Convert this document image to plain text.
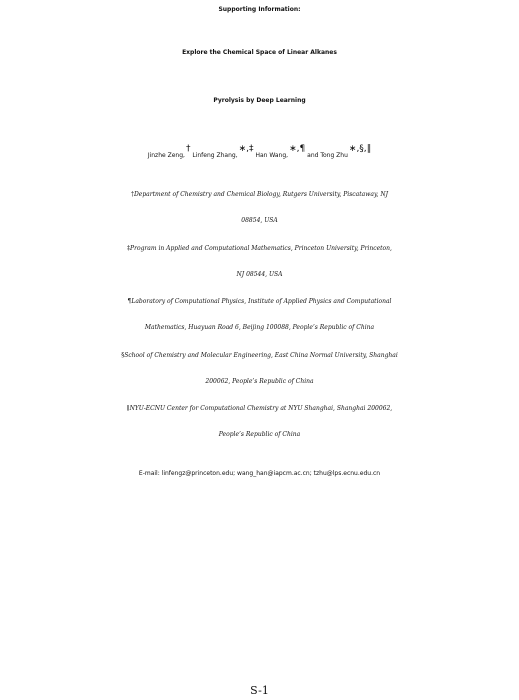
Supporting Information:
Explore the Chemical Space of Linear Alkanes
Pyrolysis by Deep Learning
Jinzhe Zeng,† Linfeng Zhang,∗,‡ Han Wang,∗,¶ and Tong Zhu∗,§,∥
†Department of Chemistry and Chemical Biology, Rutgers University, Piscataway, NJ
08854, USA
‡Program in Applied and Computational Mathematics, Princeton University, Princeton,
NJ 08544, USA
¶Laboratory of Computational Physics, Institute of Applied Physics and Computational
Mathematics, Huayuan Road 6, Beijing 100088, People’s Republic of China
§School of Chemistry and Molecular Engineering, East China Normal University, Shanghai
200062, People’s Republic of China
∥NYU-ECNU Center for Computational Chemistry at NYU Shanghai, Shanghai 200062,
People’s Republic of China
E-mail: linfengz@princeton.edu; wang_han@iapcm.ac.cn; tzhu@lps.ecnu.edu.cn
S-1
